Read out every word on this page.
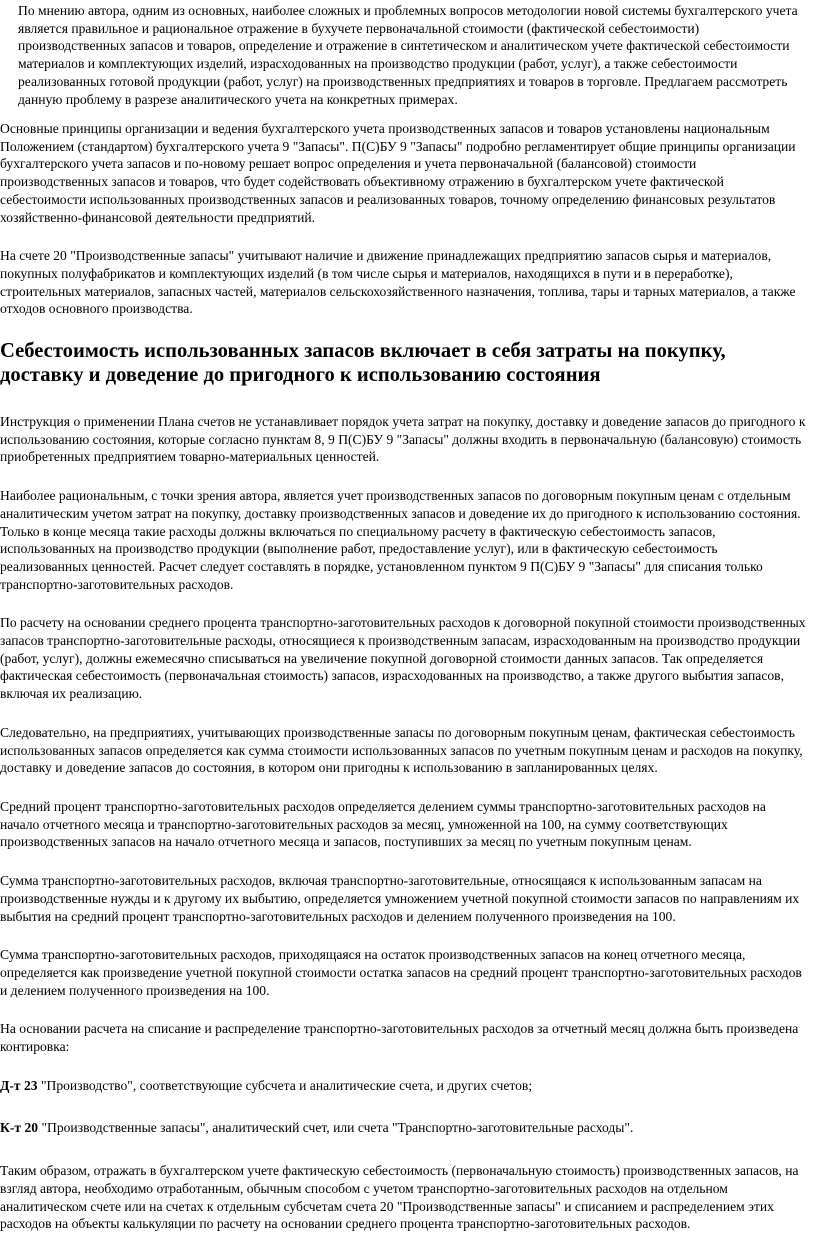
По мнению автора, одним из основных, наиболее сложных и проблемных вопросов методологии новой системы бухгалтерского учета является правильное и рациональное отражение в бухучете первоначальной стоимости (фактической себестоимости) производственных запасов и товаров, определение и отражение в синтетическом и аналитическом учете фактической себестоимости материалов и комплектующих изделий, израсходованных на производство продукции (работ, услуг), а также себестоимости реализованных готовой продукции (работ, услуг) на производственных предприятиях и товаров в торговле. Предлагаем рассмотреть данную проблему в разрезе аналитического учета на конкретных примерах.

Основные принципы организации и ведения бухгалтерского учета производственных запасов и товаров установлены национальным Положением (стандартом) бухгалтерского учета 9 "Запасы". П(С)БУ 9 "Запасы" подробно регламентирует общие принципы организации бухгалтерского учета запасов и по-новому решает вопрос определения и учета первоначальной (балансовой) стоимости производственных запасов и товаров, что будет содействовать объективному отражению в бухгалтерском учете фактической себестоимости использованных производственных запасов и реализованных товаров, точному определению финансовых результатов хозяйственно-финансовой деятельности предприятий.

На счете 20 "Производственные запасы" учитывают наличие и движение принадлежащих предприятию запасов сырья и материалов, покупных полуфабрикатов и комплектующих изделий (в том числе сырья и материалов, находящихся в пути и в переработке), строительных материалов, запасных частей, материалов сельскохозяйственного назначения, топлива, тары и тарных материалов, а также отходов основного производства.

Себестоимость использованных запасов включает в себя затраты на покупку, доставку и доведение до пригодного к использованию состояния

Инструкция о применении Плана счетов не устанавливает порядок учета затрат на покупку, доставку и доведение запасов до пригодного к использованию состояния, которые согласно пунктам 8, 9 П(С)БУ 9 "Запасы" должны входить в первоначальную (балансовую) стоимость приобретенных предприятием товарно-материальных ценностей.

Наиболее рациональным, с точки зрения автора, является учет производственных запасов по договорным покупным ценам с отдельным аналитическим учетом затрат на покупку, доставку производственных запасов и доведение их до пригодного к использованию состояния. Только в конце месяца такие расходы должны включаться по специальному расчету в фактическую себестоимость запасов, использованных на производство продукции (выполнение работ, предоставление услуг), или в фактическую себестоимость реализованных ценностей. Расчет следует составлять в порядке, установленном пунктом 9 П(С)БУ 9 "Запасы" для списания только транспортно-заготовительных расходов.

По расчету на основании среднего процента транспортно-заготовительных расходов к договорной покупной стоимости производственных запасов транспортно-заготовительные расходы, относящиеся к производственным запасам, израсходованным на производство продукции (работ, услуг), должны ежемесячно списываться на увеличение покупной договорной стоимости данных запасов. Так определяется фактическая себестоимость (первоначальная стоимость) запасов, израсходованных на производство, а также другого выбытия запасов, включая их реализацию.

Следовательно, на предприятиях, учитывающих производственные запасы по договорным покупным ценам, фактическая себестоимость использованных запасов определяется как сумма стоимости использованных запасов по учетным покупным ценам и расходов на покупку, доставку и доведение запасов до состояния, в котором они пригодны к использованию в запланированных целях.

Средний процент транспортно-заготовительных расходов определяется делением суммы транспортно-заготовительных расходов на начало отчетного месяца и транспортно-заготовительных расходов за месяц, умноженной на 100, на сумму соответствующих производственных запасов на начало отчетного месяца и запасов, поступивших за месяц по учетным покупным ценам.

Сумма транспортно-заготовительных расходов, включая транспортно-заготовительные, относящаяся к использованным запасам на производственные нужды и к другому их выбытию, определяется умножением учетной покупной стоимости запасов по направлениям их выбытия на средний процент транспортно-заготовительных расходов и делением полученного произведения на 100.

Сумма транспортно-заготовительных расходов, приходящаяся на остаток производственных запасов на конец отчетного месяца, определяется как произведение учетной покупной стоимости остатка запасов на средний процент транспортно-заготовительных расходов и делением полученного произведения на 100.

На основании расчета на списание и распределение транспортно-заготовительных расходов за отчетный месяц должна быть произведена контировка:

Д-т 23 "Производство", соответствующие субсчета и аналитические счета, и других счетов;

К-т 20 "Производственные запасы", аналитический счет, или счета "Транспортно-заготовительные расходы".

Таким образом, отражать в бухгалтерском учете фактическую себестоимость (первоначальную стоимость) производственных запасов, на взгляд автора, необходимо отработанным, обычным способом с учетом транспортно-заготовительных расходов на отдельном аналитическом счете или на счетах к отдельным субсчетам счета 20 "Производственные запасы" и списанием и распределением этих расходов на объекты калькуляции по расчету на основании среднего процента транспортно-заготовительных расходов.
